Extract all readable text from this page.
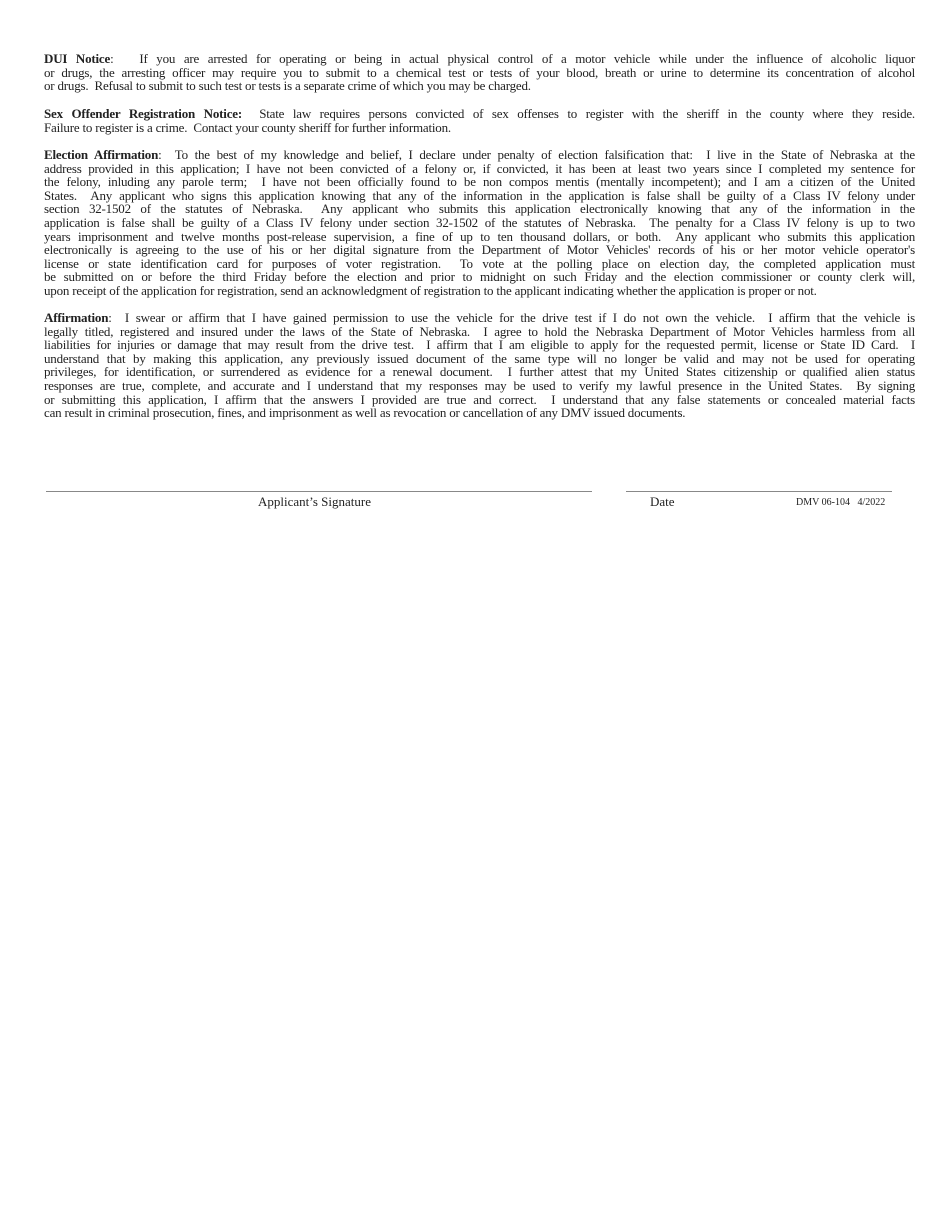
DUI Notice:   If you are arrested for operating or being in actual physical control of a motor vehicle while under the influence of alcoholic liquor
or drugs, the arresting officer may require you to submit to a chemical test or tests of your blood, breath or urine to determine its concentration of alcohol
or drugs.  Refusal to submit to such test or tests is a separate crime of which you may be charged.
Sex Offender Registration Notice:  State law requires persons convicted of sex offenses to register with the sheriff in the county where they reside.
Failure to register is a crime.  Contact your county sheriff for further information.
Election Affirmation:  To the best of my knowledge and belief, I declare under penalty of election falsification that:  I live in the State of Nebraska at the
address provided in this application; I have not been convicted of a felony or, if convicted, it has been at least two years since I completed my sentence for
the felony, inluding any parole term;  I have not been officially found to be non compos mentis (mentally incompetent); and I am a citizen of the United
States.  Any applicant who signs this application knowing that any of the information in the application is false shall be guilty of a Class IV felony under
section 32-1502 of the statutes of Nebraska.  Any applicant who submits this application electronically knowing that any of the information in the
application is false shall be guilty of a Class IV felony under section 32-1502 of the statutes of Nebraska.  The penalty for a Class IV felony is up to two
years imprisonment and twelve months post-release supervision, a fine of up to ten thousand dollars, or both.  Any applicant who submits this application
electronically is agreeing to the use of his or her digital signature from the Department of Motor Vehicles' records of his or her motor vehicle operator's
license or state identification card for purposes of voter registration.  To vote at the polling place on election day, the completed application must
be submitted on or before the third Friday before the election and prior to midnight on such Friday and the election commissioner or county clerk will,
upon receipt of the application for registration, send an acknowledgment of registration to the applicant indicating whether the application is proper or not.
Affirmation:  I swear or affirm that I have gained permission to use the vehicle for the drive test if I do not own the vehicle.  I affirm that the vehicle is
legally titled, registered and insured under the laws of the State of Nebraska.  I agree to hold the Nebraska Department of Motor Vehicles harmless from all
liabilities for injuries or damage that may result from the drive test.  I affirm that I am eligible to apply for the requested permit, license or State ID Card.  I
understand that by making this application, any previously issued document of the same type will no longer be valid and may not be used for operating
privileges, for identification, or surrendered as evidence for a renewal document.  I further attest that my United States citizenship or qualified alien status
responses are true, complete, and accurate and I understand that my responses may be used to verify my lawful presence in the United States.  By signing
or submitting this application, I affirm that the answers I provided are true and correct.  I understand that any false statements or concealed material facts
can result in criminal prosecution, fines, and imprisonment as well as revocation or cancellation of any DMV issued documents.
Applicant’s Signature	Date	DMV 06-104   4/2022
